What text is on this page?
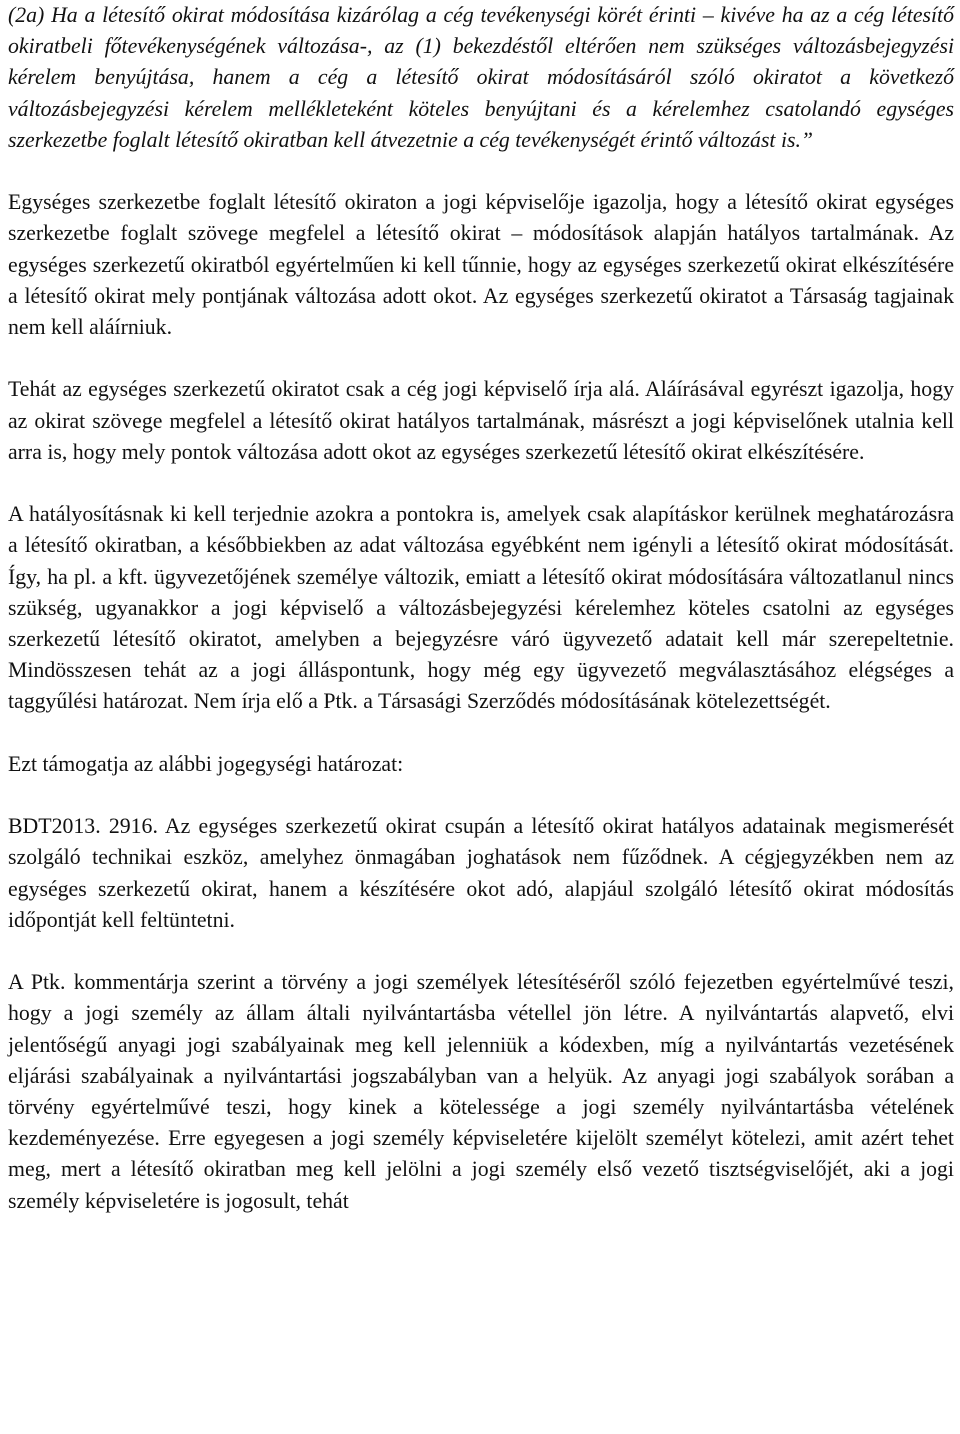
(2a) Ha a létesítő okirat módosítása kizárólag a cég tevékenységi körét érinti – kivéve ha az a cég létesítő okiratbeli főtevékenységének változása-, az (1) bekezdéstől eltérően nem szükséges változásbejegyzési kérelem benyújtása, hanem a cég a létesítő okirat módosításáról szóló okiratot a következő változásbejegyzési kérelem mellékleteként köteles benyújtani és a kérelemhez csatolandó egységes szerkezetbe foglalt létesítő okiratban kell átvezetnie a cég tevékenységét érintő változást is.”

Egységes szerkezetbe foglalt létesítő okiraton a jogi képviselője igazolja, hogy a létesítő okirat egységes szerkezetbe foglalt szövege megfelel a létesítő okirat – módosítások alapján hatályos tartalmának. Az egységes szerkezetű okiratból egyértelműen ki kell tűnnie, hogy az egységes szerkezetű okirat elkészítésére a létesítő okirat mely pontjának változása adott okot. Az egységes szerkezetű okiratot a Társaság tagjainak nem kell aláírniuk.

Tehát az egységes szerkezetű okiratot csak a cég jogi képviselő írja alá. Aláírásával egyrészt igazolja, hogy az okirat szövege megfelel a létesítő okirat hatályos tartalmának, másrészt a jogi képviselőnek utalnia kell arra is, hogy mely pontok változása adott okot az egységes szerkezetű létesítő okirat elkészítésére.

A hatályosításnak ki kell terjednie azokra a pontokra is, amelyek csak alapításkor kerülnek meghatározásra a létesítő okiratban, a későbbiekben az adat változása egyébként nem igényli a létesítő okirat módosítását. Így, ha pl. a kft. ügyvezetőjének személye változik, emiatt a létesítő okirat módosítására változatlanul nincs szükség, ugyanakkor a jogi képviselő a változásbejegyzési kérelemhez köteles csatolni az egységes szerkezetű létesítő okiratot, amelyben a bejegyzésre váró ügyvezető adatait kell már szerepeltetnie. Mindösszesen tehát az a jogi álláspontunk, hogy még egy ügyvezető megválasztásához elégséges a taggyűlési határozat. Nem írja elő a Ptk. a Társasági Szerződés módosításának kötelezettségét.

Ezt támogatja az alábbi jogegységi határozat:

BDT2013. 2916. Az egységes szerkezetű okirat csupán a létesítő okirat hatályos adatainak megismerését szolgáló technikai eszköz, amelyhez önmagában joghatások nem fűződnek. A cégjegyzékben nem az egységes szerkezetű okirat, hanem a készítésére okot adó, alapjául szolgáló létesítő okirat módosítás időpontját kell feltüntetni.

A Ptk. kommentárja szerint a törvény a jogi személyek létesítéséről szóló fejezetben egyértelművé teszi, hogy a jogi személy az állam általi nyilvántartásba vétellel jön létre. A nyilvántartás alapvető, elvi jelentőségű anyagi jogi szabályainak meg kell jelenniük a kódexben, míg a nyilvántartás vezetésének eljárási szabályainak a nyilvántartási jogszabályban van a helyük. Az anyagi jogi szabályok sorában a törvény egyértelművé teszi, hogy kinek a kötelessége a jogi személy nyilvántartásba vételének kezdeményezése. Erre egyegesen a jogi személy képviseletére kijelölt személyt kötelezi, amit azért tehet meg, mert a létesítő okiratban meg kell jelölni a jogi személy első vezető tisztségviselőjét, aki a jogi személy képviseletére is jogosult, tehát
